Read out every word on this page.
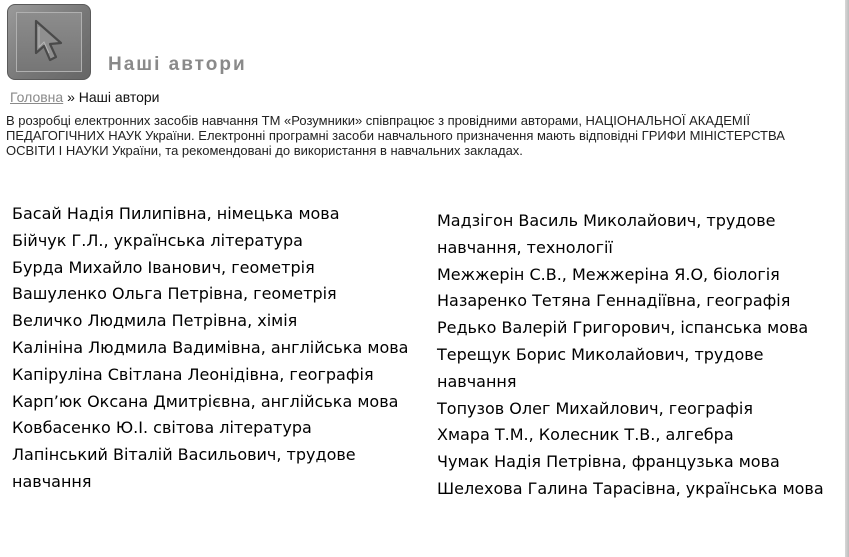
Наші автори
Головна » Наші автори
В розробці електронних засобів навчання ТМ «Розумники» співпрацює з провідними авторами, НАЦІОНАЛЬНОЇ АКАДЕМІЇ ПЕДАГОГІЧНИХ НАУК України. Електронні програмні засоби навчального призначення мають відповідні ГРИФИ МІНІСТЕРСТВА ОСВІТИ І НАУКИ України, та рекомендовані до використання в навчальних закладах.
Басай Надія Пилипівна, німецька мова
Бійчук Г.Л., українська література
Бурда Михайло Іванович, геометрія
Вашуленко Ольга Петрівна, геометрія
Величко Людмила Петрівна, хімія
Калініна Людмила Вадимівна, англійська мова
Капіруліна Світлана Леонідівна, географія
Карп’юк Оксана Дмитрієвна, англійська мова
Ковбасенко Ю.І. світова література
Лапінський Віталій Васильович, трудове навчання
Мадзігон Василь Миколайович, трудове навчання, технології
Межжерін С.В., Межжеріна Я.О, біологія
Назаренко Тетяна Геннадіївна, географія
Редько Валерій Григорович, іспанська мова
Терещук Борис Миколайович, трудове навчання
Топузов Олег Михайлович, географія
Хмара Т.М., Колесник Т.В., алгебра
Чумак Надія Петрівна, французька мова
Шелехова Галина Тарасівна, українська мова
